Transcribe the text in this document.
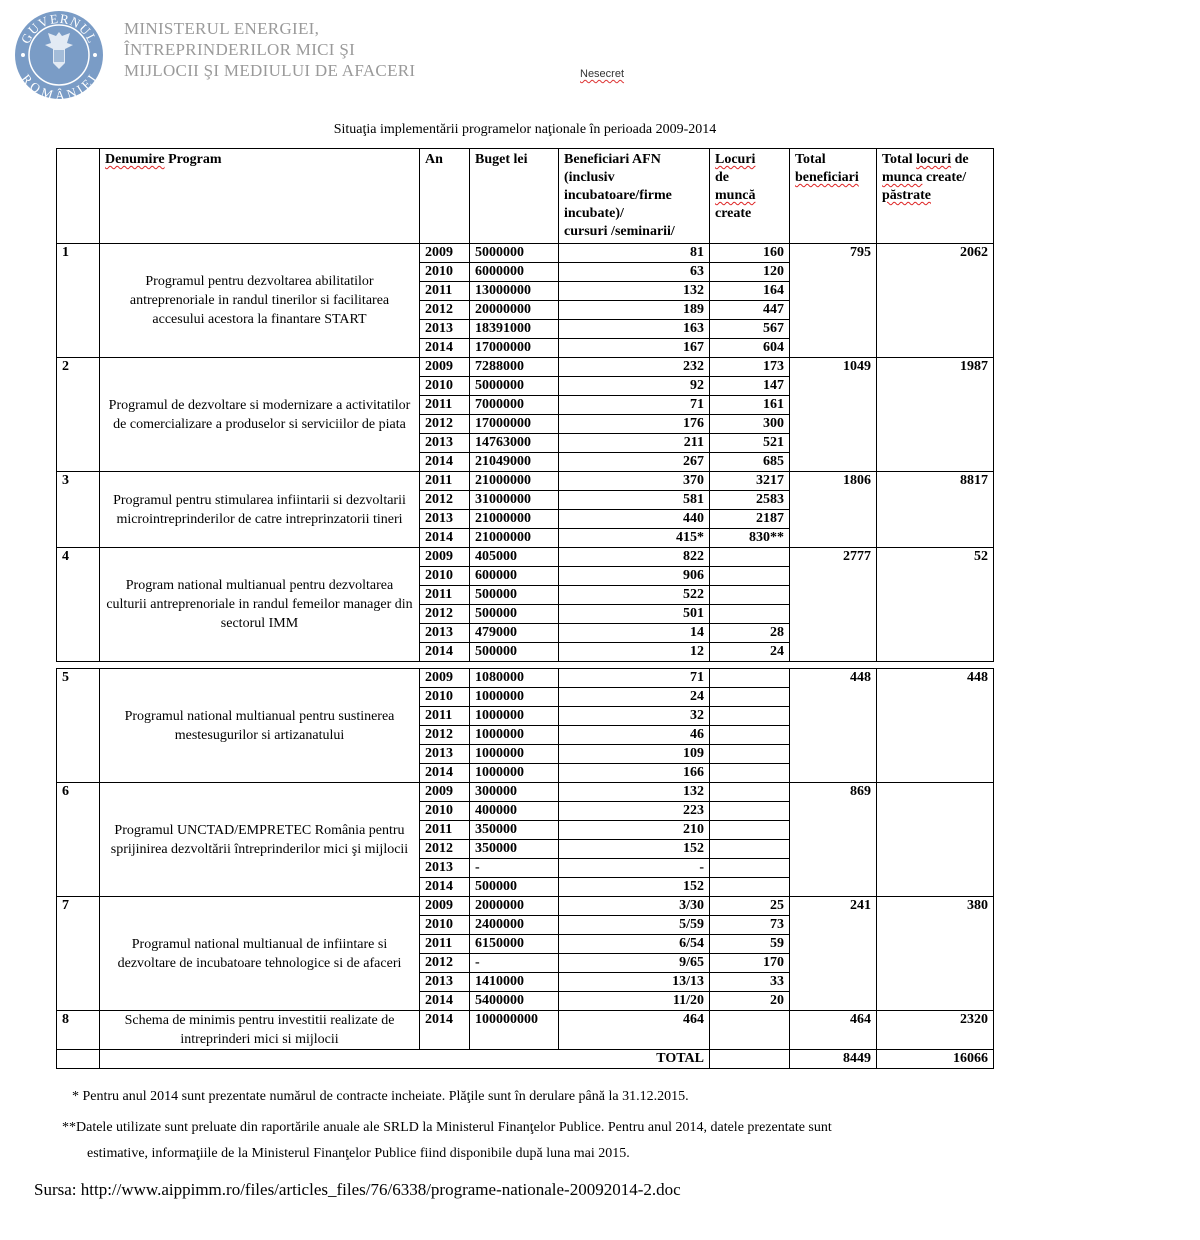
GUVERNUL
ROMÂNIEI
MINISTERUL ENERGIEI,
ÎNTREPRINDERILOR MICI ŞI
MIJLOCII ŞI MEDIULUI DE AFACERI	Nesecret
Situaţia implementării programelor naţionale în perioada 2009-2014
	Denumire Program	An	Buget lei	Beneficiari AFN
(inclusiv
incubatoare/firme
incubate)/
cursuri /seminarii/	Locuri
de
muncă
create	Total
beneficiari	Total locuri de
munca create/
păstrate
1	Programul pentru dezvoltarea abilitatilor antreprenoriale in randul tinerilor si facilitarea accesului acestora la finantare START	2009	5000000	81	160	795	2062
		2010	6000000	63	120		
		2011	13000000	132	164		
		2012	20000000	189	447		
		2013	18391000	163	567		
		2014	17000000	167	604		
2	Programul de dezvoltare si modernizare a activitatilor de comercializare a produselor si serviciilor de piata	2009	7288000	232	173	1049	1987
		2010	5000000	92	147		
		2011	7000000	71	161		
		2012	17000000	176	300		
		2013	14763000	211	521		
		2014	21049000	267	685		
3	Programul pentru stimularea infiintarii si dezvoltarii microintreprinderilor de catre intreprinzatorii tineri	2011	21000000	370	3217	1806	8817
		2012	31000000	581	2583		
		2013	21000000	440	2187		
		2014	21000000	415*	830**		
4	Program national multianual pentru dezvoltarea culturii antreprenoriale in randul femeilor manager din sectorul IMM	2009	405000	822		2777	52
		2010	600000	906			
		2011	500000	522			
		2012	500000	501			
		2013	479000	14	28		
		2014	500000	12	24		
5	Programul national multianual pentru sustinerea mestesugurilor si artizanatului	2009	1080000	71		448	448
		2010	1000000	24			
		2011	1000000	32			
		2012	1000000	46			
		2013	1000000	109			
		2014	1000000	166			
6	Programul UNCTAD/EMPRETEC România pentru sprijinirea dezvoltării întreprinderilor mici şi mijlocii	2009	300000	132		869	
		2010	400000	223			
		2011	350000	210			
		2012	350000	152			
		2013	-	-			
		2014	500000	152			
7	Programul national multianual de infiintare si dezvoltare de incubatoare tehnologice si de afaceri	2009	2000000	3/30	25	241	380
		2010	2400000	5/59	73		
		2011	6150000	6/54	59		
		2012	-	9/65	170		
		2013	1410000	13/13	33		
		2014	5400000	11/20	20		
8	Schema de minimis pentru investitii realizate de intreprinderi mici si mijlocii	2014	100000000	464		464	2320
	TOTAL					8449	16066
* Pentru anul 2014 sunt prezentate numărul de contracte incheiate. Plăţile sunt în derulare până la 31.12.2015.
**Datele utilizate sunt preluate din raportările anuale ale SRLD la Ministerul Finanţelor Publice. Pentru anul 2014, datele prezentate sunt
estimative, informaţiile de la Ministerul Finanţelor Publice fiind disponibile după luna mai 2015.
Sursa: http://www.aippimm.ro/files/articles_files/76/6338/programe-nationale-20092014-2.doc
